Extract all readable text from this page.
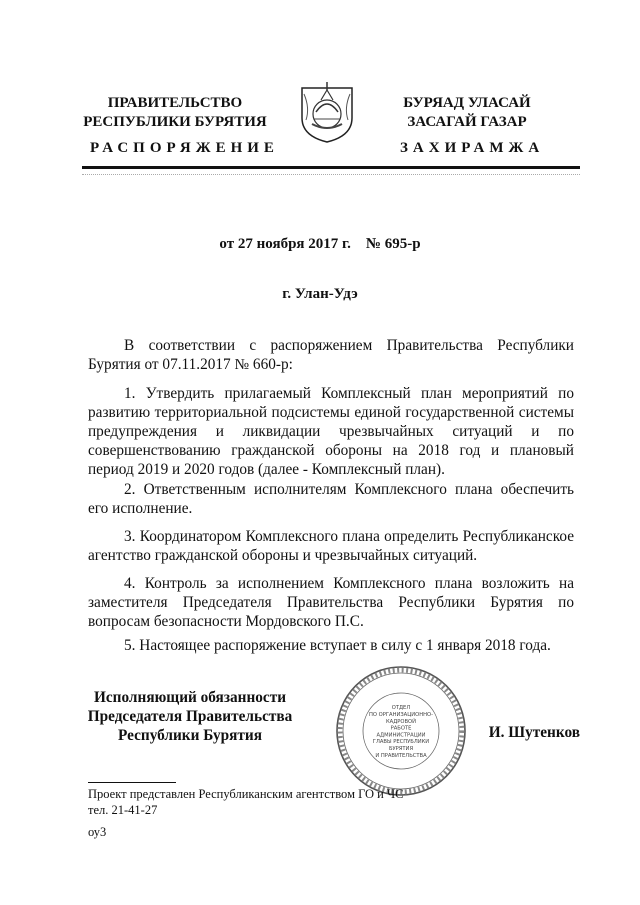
ПРАВИТЕЛЬСТВО
РЕСПУБЛИКИ БУРЯТИЯ
БУРЯАД УЛАСАЙ
ЗАСАГАЙ ГАЗАР
РАСПОРЯЖЕНИЕ	ЗАХИРАМЖА
от 27 ноября 2017 г.    № 695-р
г. Улан-Удэ

В соответствии с распоряжением Правительства Республики Бурятия от 07.11.2017 № 660-р:

1. Утвердить прилагаемый Комплексный план мероприятий по развитию территориальной подсистемы единой государственной системы предупреждения и ликвидации чрезвычайных ситуаций и по совершенствованию гражданской обороны на 2018 год и плановый период 2019 и 2020 годов (далее - Комплексный план).

2. Ответственным исполнителям Комплексного плана обеспечить его исполнение.

3. Координатором Комплексного плана определить Республиканское агентство гражданской обороны и чрезвычайных ситуаций.

4. Контроль за исполнением Комплексного плана возложить на заместителя Председателя Правительства Республики Бурятия по вопросам безопасности Мордовского П.С.

5. Настоящее распоряжение вступает в силу с 1 января 2018 года.

Исполняющий обязанности
Председателя Правительства
Республики Бурятия
ОТДЕЛ
ПО ОРГАНИЗАЦИОННО-
КАДРОВОЙ
РАБОТЕ
АДМИНИСТРАЦИИ
ГЛАВЫ РЕСПУБЛИКИ
БУРЯТИЯ
И ПРАВИТЕЛЬСТВА
И. Шутенков
Проект представлен Республиканским агентством ГО и ЧС
тел. 21-41-27
оу3
